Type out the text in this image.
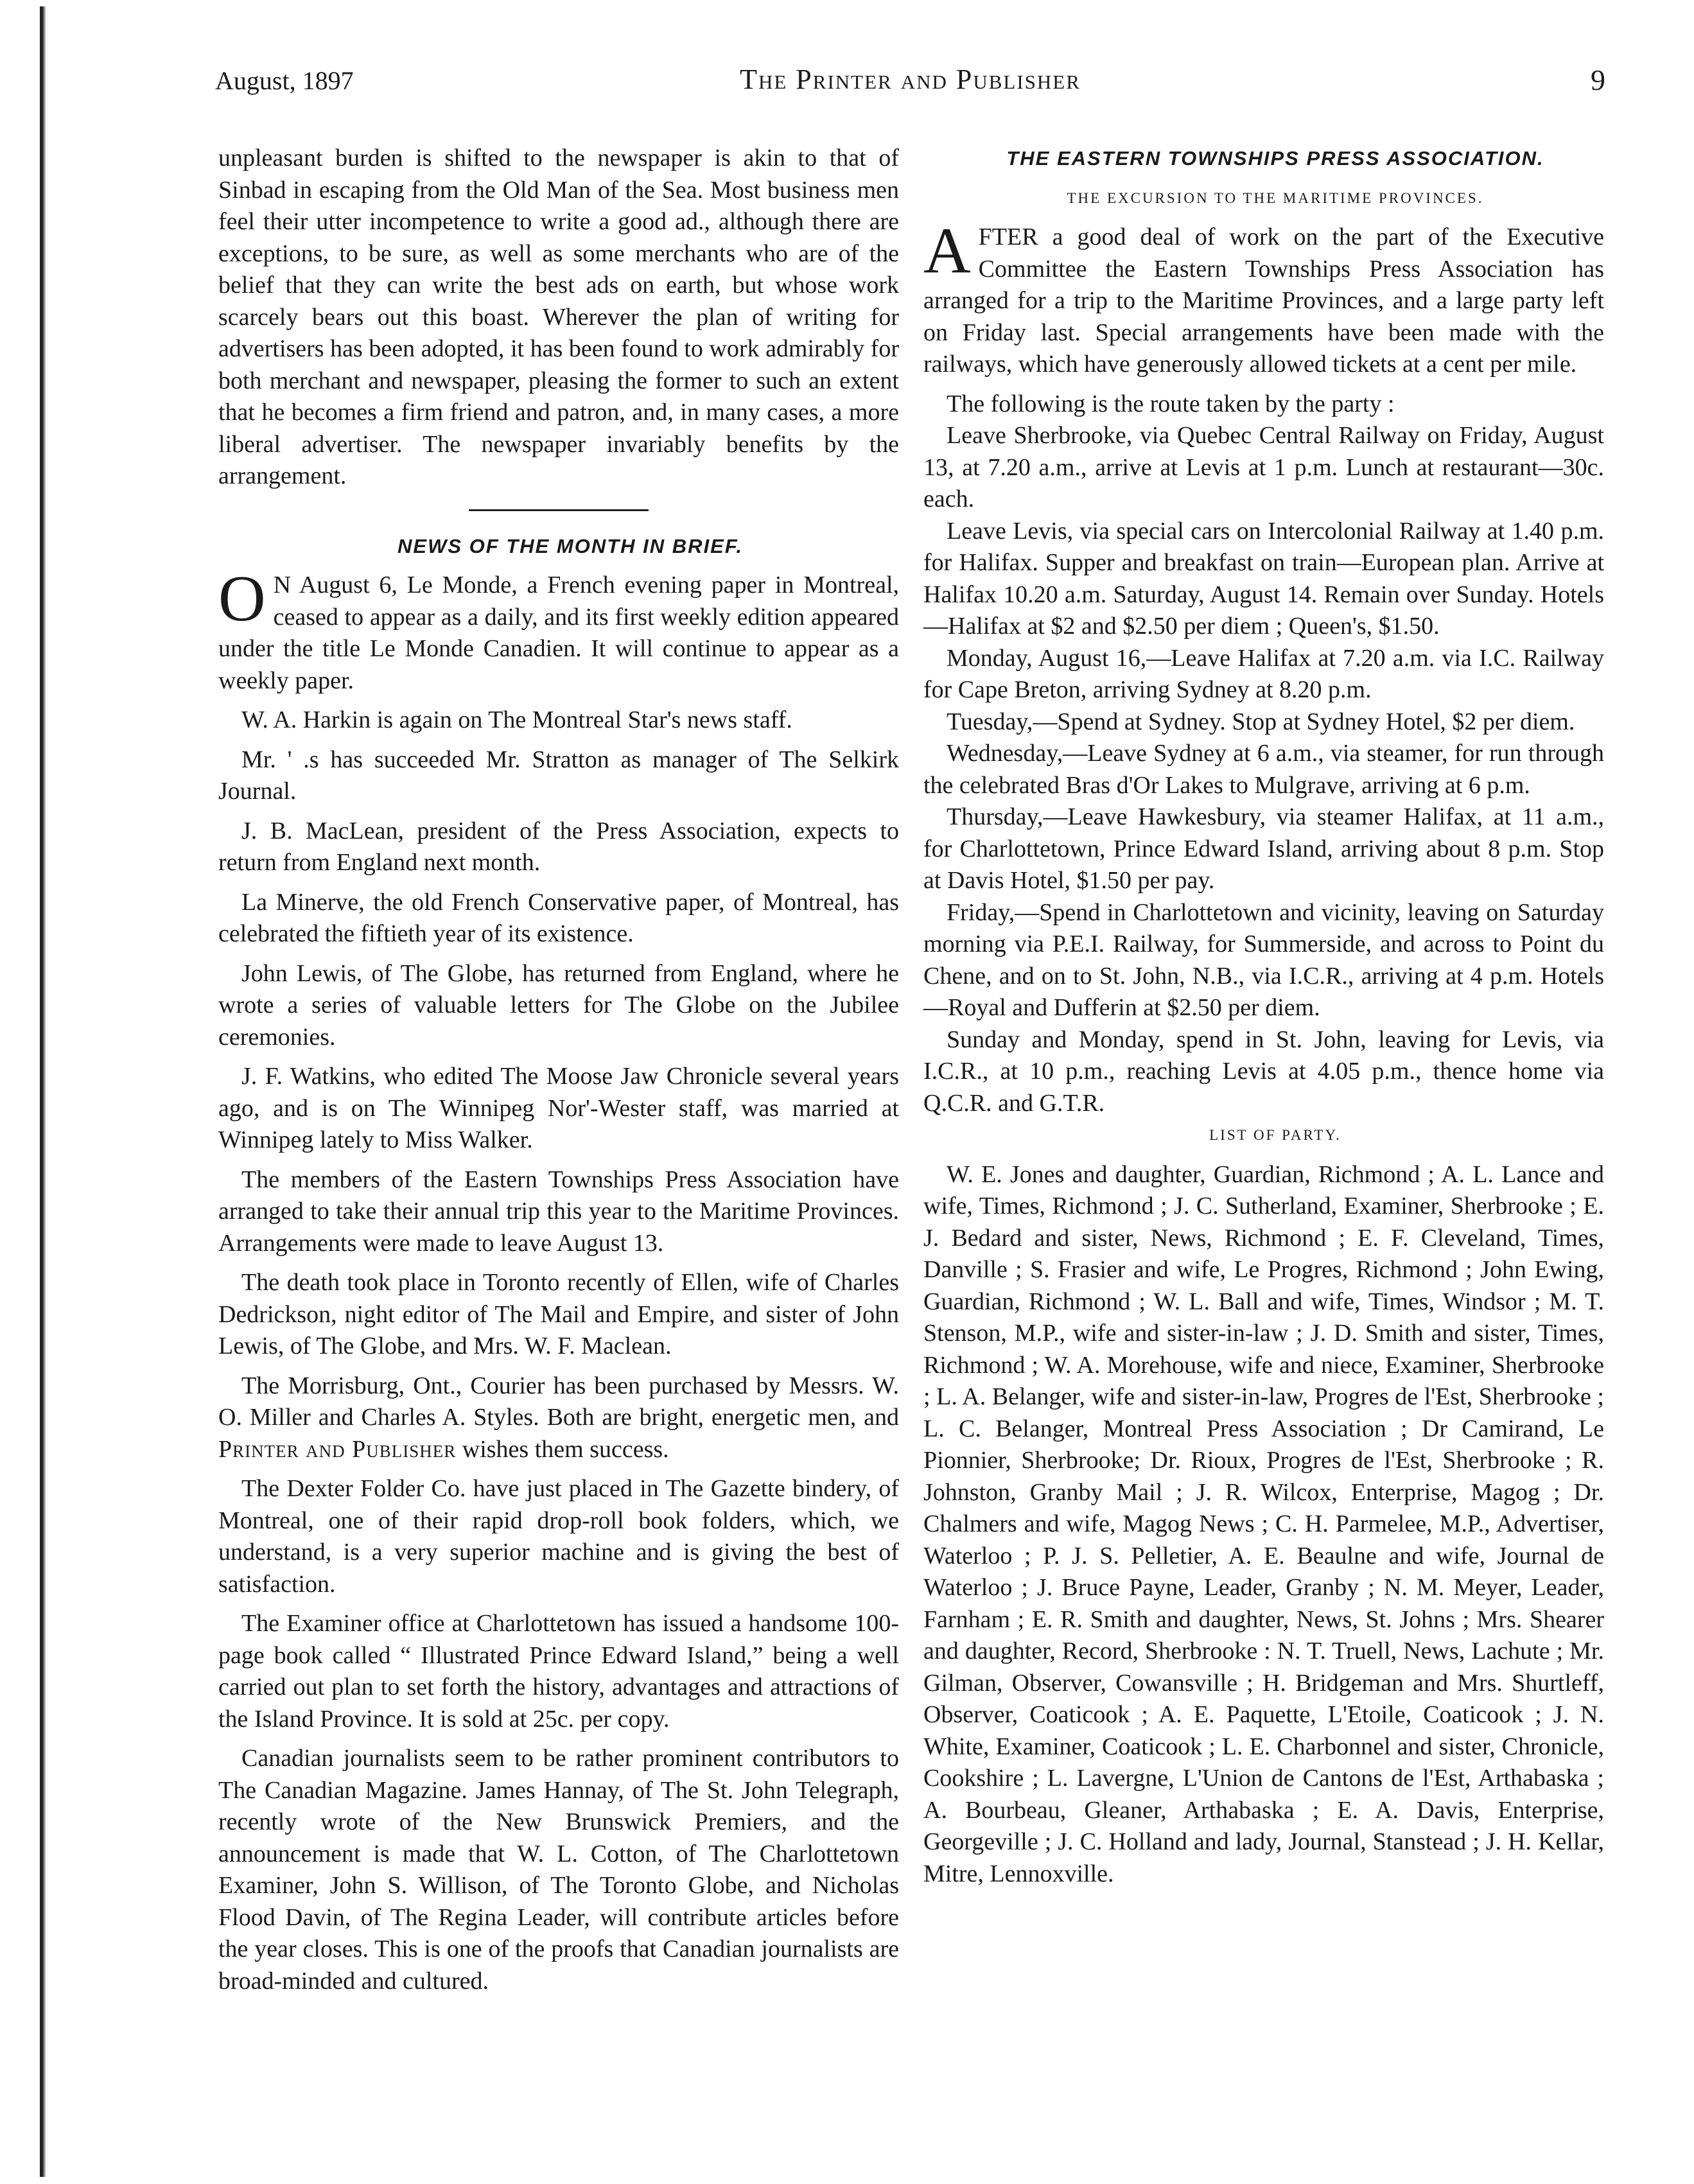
August, 1897	The Printer and Publisher	9

unpleasant burden is shifted to the newspaper is akin to that of Sinbad in escaping from the Old Man of the Sea. Most business men feel their utter incompetence to write a good ad., although there are exceptions, to be sure, as well as some merchants who are of the belief that they can write the best ads on earth, but whose work scarcely bears out this boast. Wherever the plan of writing for advertisers has been adopted, it has been found to work admirably for both merchant and newspaper, pleasing the former to such an extent that he becomes a firm friend and patron, and, in many cases, a more liberal advertiser. The newspaper invariably benefits by the arrangement.

NEWS OF THE MONTH IN BRIEF.

O N August 6, Le Monde, a French evening paper in Montreal, ceased to appear as a daily, and its first weekly edition appeared under the title Le Monde Canadien. It will continue to appear as a weekly paper.

W. A. Harkin is again on The Montreal Star's news staff.

Mr. ' .s has succeeded Mr. Stratton as manager of The Selkirk Journal.

J. B. MacLean, president of the Press Association, expects to return from England next month.

La Minerve, the old French Conservative paper, of Montreal, has celebrated the fiftieth year of its existence.

John Lewis, of The Globe, has returned from England, where he wrote a series of valuable letters for The Globe on the Jubilee ceremonies.

J. F. Watkins, who edited The Moose Jaw Chronicle several years ago, and is on The Winnipeg Nor'-Wester staff, was married at Winnipeg lately to Miss Walker.

The members of the Eastern Townships Press Association have arranged to take their annual trip this year to the Maritime Provinces. Arrangements were made to leave August 13.

The death took place in Toronto recently of Ellen, wife of Charles Dedrickson, night editor of The Mail and Empire, and sister of John Lewis, of The Globe, and Mrs. W. F. Maclean.

The Morrisburg, Ont., Courier has been purchased by Messrs. W. O. Miller and Charles A. Styles. Both are bright, energetic men, and Printer and Publisher wishes them success.

The Dexter Folder Co. have just placed in The Gazette bindery, of Montreal, one of their rapid drop-roll book folders, which, we understand, is a very superior machine and is giving the best of satisfaction.

The Examiner office at Charlottetown has issued a handsome 100-page book called “ Illustrated Prince Edward Island,” being a well carried out plan to set forth the history, advantages and attractions of the Island Province. It is sold at 25c. per copy.

Canadian journalists seem to be rather prominent contributors to The Canadian Magazine. James Hannay, of The St. John Telegraph, recently wrote of the New Brunswick Premiers, and the announcement is made that W. L. Cotton, of The Charlottetown Examiner, John S. Willison, of The Toronto Globe, and Nicholas Flood Davin, of The Regina Leader, will contribute articles before the year closes. This is one of the proofs that Canadian journalists are broad-minded and cultured.

THE EASTERN TOWNSHIPS PRESS ASSOCIATION.

THE EXCURSION TO THE MARITIME PROVINCES.

AFTER a good deal of work on the part of the Executive Committee the Eastern Townships Press Association has arranged for a trip to the Maritime Provinces, and a large party left on Friday last. Special arrangements have been made with the railways, which have generously allowed tickets at a cent per mile.

The following is the route taken by the party :

Leave Sherbrooke, via Quebec Central Railway on Friday, August 13, at 7.20 a.m., arrive at Levis at 1 p.m. Lunch at restaurant—30c. each.

Leave Levis, via special cars on Intercolonial Railway at 1.40 p.m. for Halifax. Supper and breakfast on train—European plan. Arrive at Halifax 10.20 a.m. Saturday, August 14. Remain over Sunday. Hotels—Halifax at $2 and $2.50 per diem ; Queen's, $1.50.

Monday, August 16,—Leave Halifax at 7.20 a.m. via I.C. Railway for Cape Breton, arriving Sydney at 8.20 p.m.

Tuesday,—Spend at Sydney. Stop at Sydney Hotel, $2 per diem.

Wednesday,—Leave Sydney at 6 a.m., via steamer, for run through the celebrated Bras d'Or Lakes to Mulgrave, arriving at 6 p.m.

Thursday,—Leave Hawkesbury, via steamer Halifax, at 11 a.m., for Charlottetown, Prince Edward Island, arriving about 8 p.m. Stop at Davis Hotel, $1.50 per pay.

Friday,—Spend in Charlottetown and vicinity, leaving on Saturday morning via P.E.I. Railway, for Summerside, and across to Point du Chene, and on to St. John, N.B., via I.C.R., arriving at 4 p.m. Hotels—Royal and Dufferin at $2.50 per diem.

Sunday and Monday, spend in St. John, leaving for Levis, via I.C.R., at 10 p.m., reaching Levis at 4.05 p.m., thence home via Q.C.R. and G.T.R.

LIST OF PARTY.

W. E. Jones and daughter, Guardian, Richmond ; A. L. Lance and wife, Times, Richmond ; J. C. Sutherland, Examiner, Sherbrooke ; E. J. Bedard and sister, News, Richmond ; E. F. Cleveland, Times, Danville ; S. Frasier and wife, Le Progres, Richmond ; John Ewing, Guardian, Richmond ; W. L. Ball and wife, Times, Windsor ; M. T. Stenson, M.P., wife and sister-in-law ; J. D. Smith and sister, Times, Richmond ; W. A. Morehouse, wife and niece, Examiner, Sherbrooke ; L. A. Belanger, wife and sister-in-law, Progres de l'Est, Sherbrooke ; L. C. Belanger, Montreal Press Association ; Dr Camirand, Le Pionnier, Sherbrooke; Dr. Rioux, Progres de l'Est, Sherbrooke ; R. Johnston, Granby Mail ; J. R. Wilcox, Enterprise, Magog ; Dr. Chalmers and wife, Magog News ; C. H. Parmelee, M.P., Advertiser, Waterloo ; P. J. S. Pelletier, A. E. Beaulne and wife, Journal de Waterloo ; J. Bruce Payne, Leader, Granby ; N. M. Meyer, Leader, Farnham ; E. R. Smith and daughter, News, St. Johns ; Mrs. Shearer and daughter, Record, Sherbrooke : N. T. Truell, News, Lachute ; Mr. Gilman, Observer, Cowansville ; H. Bridgeman and Mrs. Shurtleff, Observer, Coaticook ; A. E. Paquette, L'Etoile, Coaticook ; J. N. White, Examiner, Coaticook ; L. E. Charbonnel and sister, Chronicle, Cookshire ; L. Lavergne, L'Union de Cantons de l'Est, Arthabaska ; A. Bourbeau, Gleaner, Arthabaska ; E. A. Davis, Enterprise, Georgeville ; J. C. Holland and lady, Journal, Stanstead ; J. H. Kellar, Mitre, Lennoxville.
